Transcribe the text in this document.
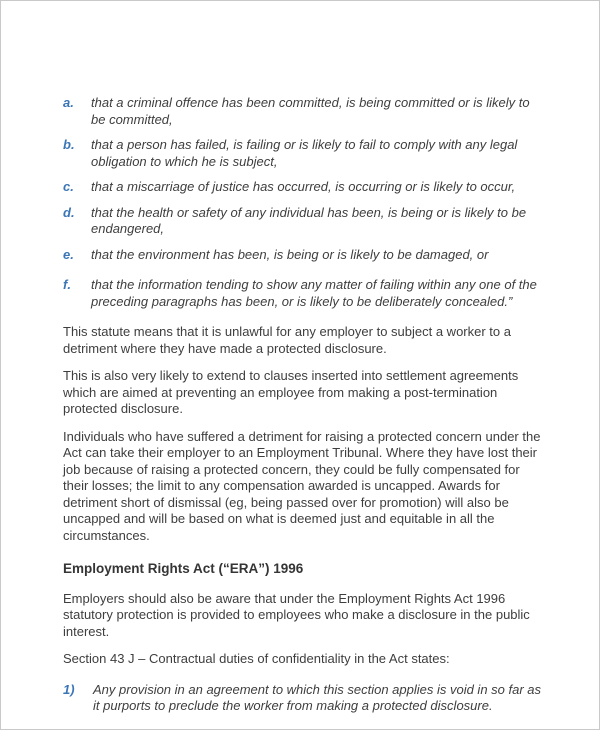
a.	that a criminal offence has been committed, is being committed or is likely to be committed,
b.	that a person has failed, is failing or is likely to fail to comply with any legal obligation to which he is subject,
c.	that a miscarriage of justice has occurred, is occurring or is likely to occur,
d.	that the health or safety of any individual has been, is being or is likely to be endangered,
e.	that the environment has been, is being or is likely to be damaged, or
f.	that the information tending to show any matter of failing within any one of the preceding paragraphs has been, or is likely to be deliberately concealed.”

This statute means that it is unlawful for any employer to subject a worker to a detriment where they have made a protected disclosure.

This is also very likely to extend to clauses inserted into settlement agreements which are aimed at preventing an employee from making a post-termination protected disclosure.

Individuals who have suffered a detriment for raising a protected concern under the Act can take their employer to an Employment Tribunal. Where they have lost their job because of raising a protected concern, they could be fully compensated for their losses; the limit to any compensation awarded is uncapped. Awards for detriment short of dismissal (eg, being passed over for promotion) will also be uncapped and will be based on what is deemed just and equitable in all the circumstances.

Employment Rights Act (“ERA”) 1996

Employers should also be aware that under the Employment Rights Act 1996 statutory protection is provided to employees who make a disclosure in the public interest.

Section 43 J – Contractual duties of confidentiality in the Act states:

1)	Any provision in an agreement to which this section applies is void in so far as it purports to preclude the worker from making a protected disclosure.
